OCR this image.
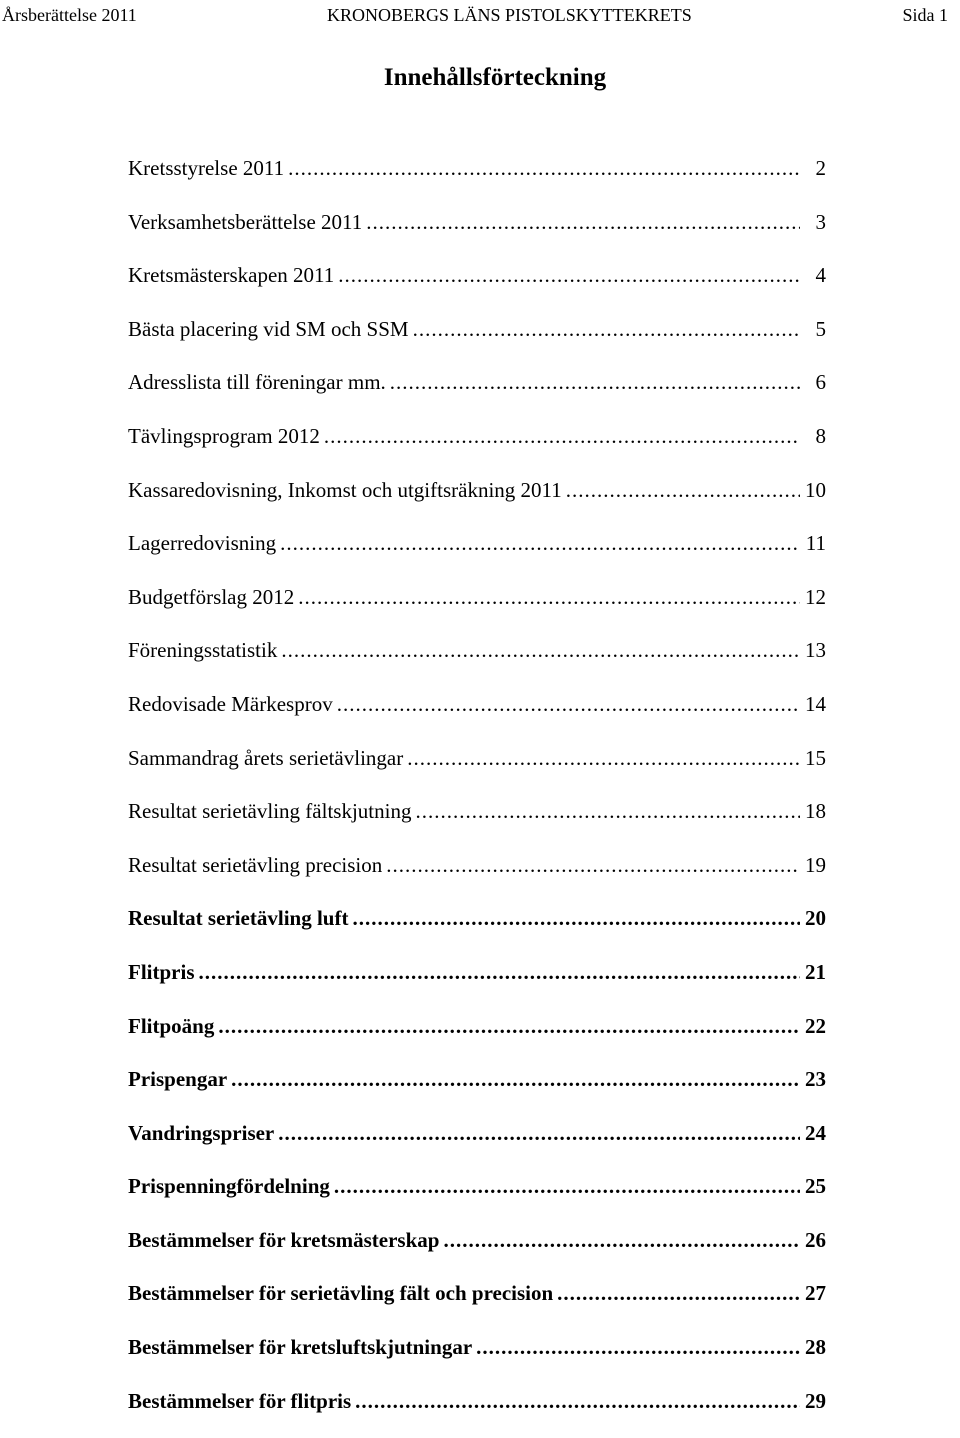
Årsberättelse 2011	KRONOBERGS LÄNS PISTOLSKYTTEKRETS	Sida 1
Innehållsförteckning
Kretsstyrelse 2011 .....	2
Verksamhetsberättelse 2011 .....	3
Kretsmästerskapen 2011 .....	4
Bästa placering vid SM och SSM .....	5
Adresslista till föreningar mm. .....	6
Tävlingsprogram 2012 .....	8
Kassaredovisning, Inkomst och utgiftsräkning 2011 .....	10
Lagerredovisning .....	11
Budgetförslag 2012 .....	12
Föreningsstatistik .....	13
Redovisade Märkesprov .....	14
Sammandrag årets serietävlingar .....	15
Resultat serietävling fältskjutning .....	18
Resultat serietävling precision .....	19
Resultat serietävling luft .....	20
Flitpris .....	21
Flitpoäng .....	22
Prispengar .....	23
Vandringspriser .....	24
Prispenningfördelning .....	25
Bestämmelser för kretsmästerskap .....	26
Bestämmelser för serietävling fält och precision .....	27
Bestämmelser för kretsluftskjutningar .....	28
Bestämmelser för flitpris .....	29
